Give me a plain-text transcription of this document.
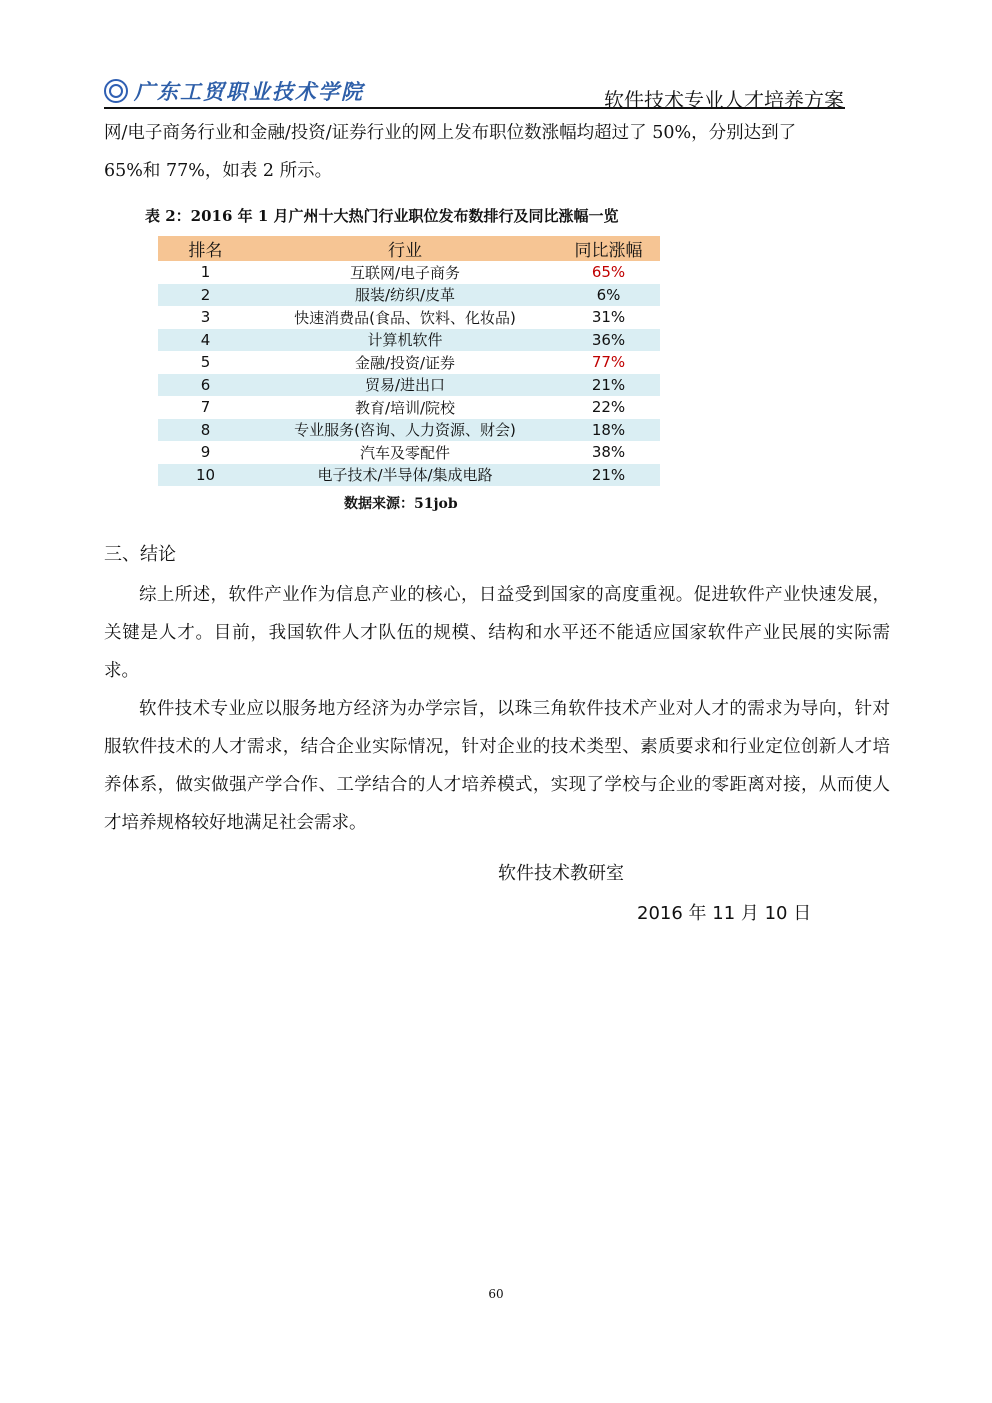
广东工贸职业技术学院	软件技术专业人才培养方案

网/电子商务行业和金融/投资/证券行业的网上发布职位数涨幅均超过了 50%，分别达到了

65%和 77%，如表 2 所示。

表 2：2016 年 1 月广州十大热门行业职位发布数排行及同比涨幅一览
排名	行业	同比涨幅
1	互联网/电子商务	65%
2	服装/纺织/皮革	6%
3	快速消费品(食品、饮料、化妆品)	31%
4	计算机软件	36%
5	金融/投资/证券	77%
6	贸易/进出口	21%
7	教育/培训/院校	22%
8	专业服务(咨询、人力资源、财会)	18%
9	汽车及零配件	38%
10	电子技术/半导体/集成电路	21%
数据来源：51job
三、结论

综上所述，软件产业作为信息产业的核心，日益受到国家的高度重视。促进软件产业快速发展，关键是人才。目前，我国软件人才队伍的规模、结构和水平还不能适应国家软件产业民展的实际需求。

软件技术专业应以服务地方经济为办学宗旨，以珠三角软件技术产业对人才的需求为导向，针对服软件技术的人才需求，结合企业实际情况，针对企业的技术类型、素质要求和行业定位创新人才培养体系，做实做强产学合作、工学结合的人才培养模式，实现了学校与企业的零距离对接，从而使人才培养规格较好地满足社会需求。

软件技术教研室
2016 年 11 月 10 日
60
